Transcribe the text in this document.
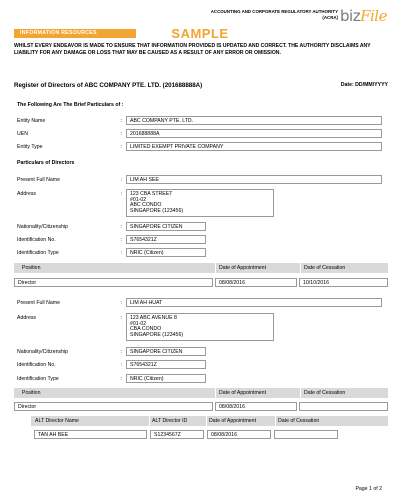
ACCOUNTING AND CORPORATE REGULATORY AUTHORITY
(ACRA) bizFile
INFORMATION RESOURCES	SAMPLE
WHILST EVERY ENDEAVOR IS MADE TO ENSURE THAT INFORMATION PROVIDED IS UPDATED AND CORRECT. THE AUTHORITY DISCLAIMS ANY LIABILITY FOR ANY DAMAGE OR LOSS THAT MAY BE CAUSED AS A RESULT OF ANY ERROR OR OMISSION.
Register of Directors of ABC COMPANY PTE. LTD. (201688888A)	Date: DD/MM/YYYY
The Following Are The Brief Particulars of :
Entity Name	:	ABC COMPANY PTE. LTD.
UEN	:	201688888A
Entity Type	:	LIMITED EXEMPT PRIVATE COMPANY
Particulars of Directors
Present Full Name	:	LIM AH SEE
Address	: 123 CBA STREET
#01-02
ABC CONDO
SINGAPORE (123456)
Nationality/Citizenship	:	SINGAPORE CITIZEN
Identification No.	:	S7654321Z
Identification Type	:	NRIC (Citizen)
Position	Date of Appointment	Date of Cessation
Director	08/08/2016	10/10/2016
Present Full Name	:	LIM AH HUAT
Address	: 123 ABC AVENUE 8
#01-02
CBA CONDO
SINGAPORE (123456)
Nationality/Citizenship	:	SINGAPORE CITIZEN
Identification No.	:	S7654321Z
Identification Type	:	NRIC (Citizen)
Position	Date of Appointment	Date of Cessation
Director	08/08/2016
ALT Director Name	ALT Director ID	Date of Appointment	Date of Cessation
TAN AH BEE	S1234567Z	08/08/2016
Page 1 of 2
